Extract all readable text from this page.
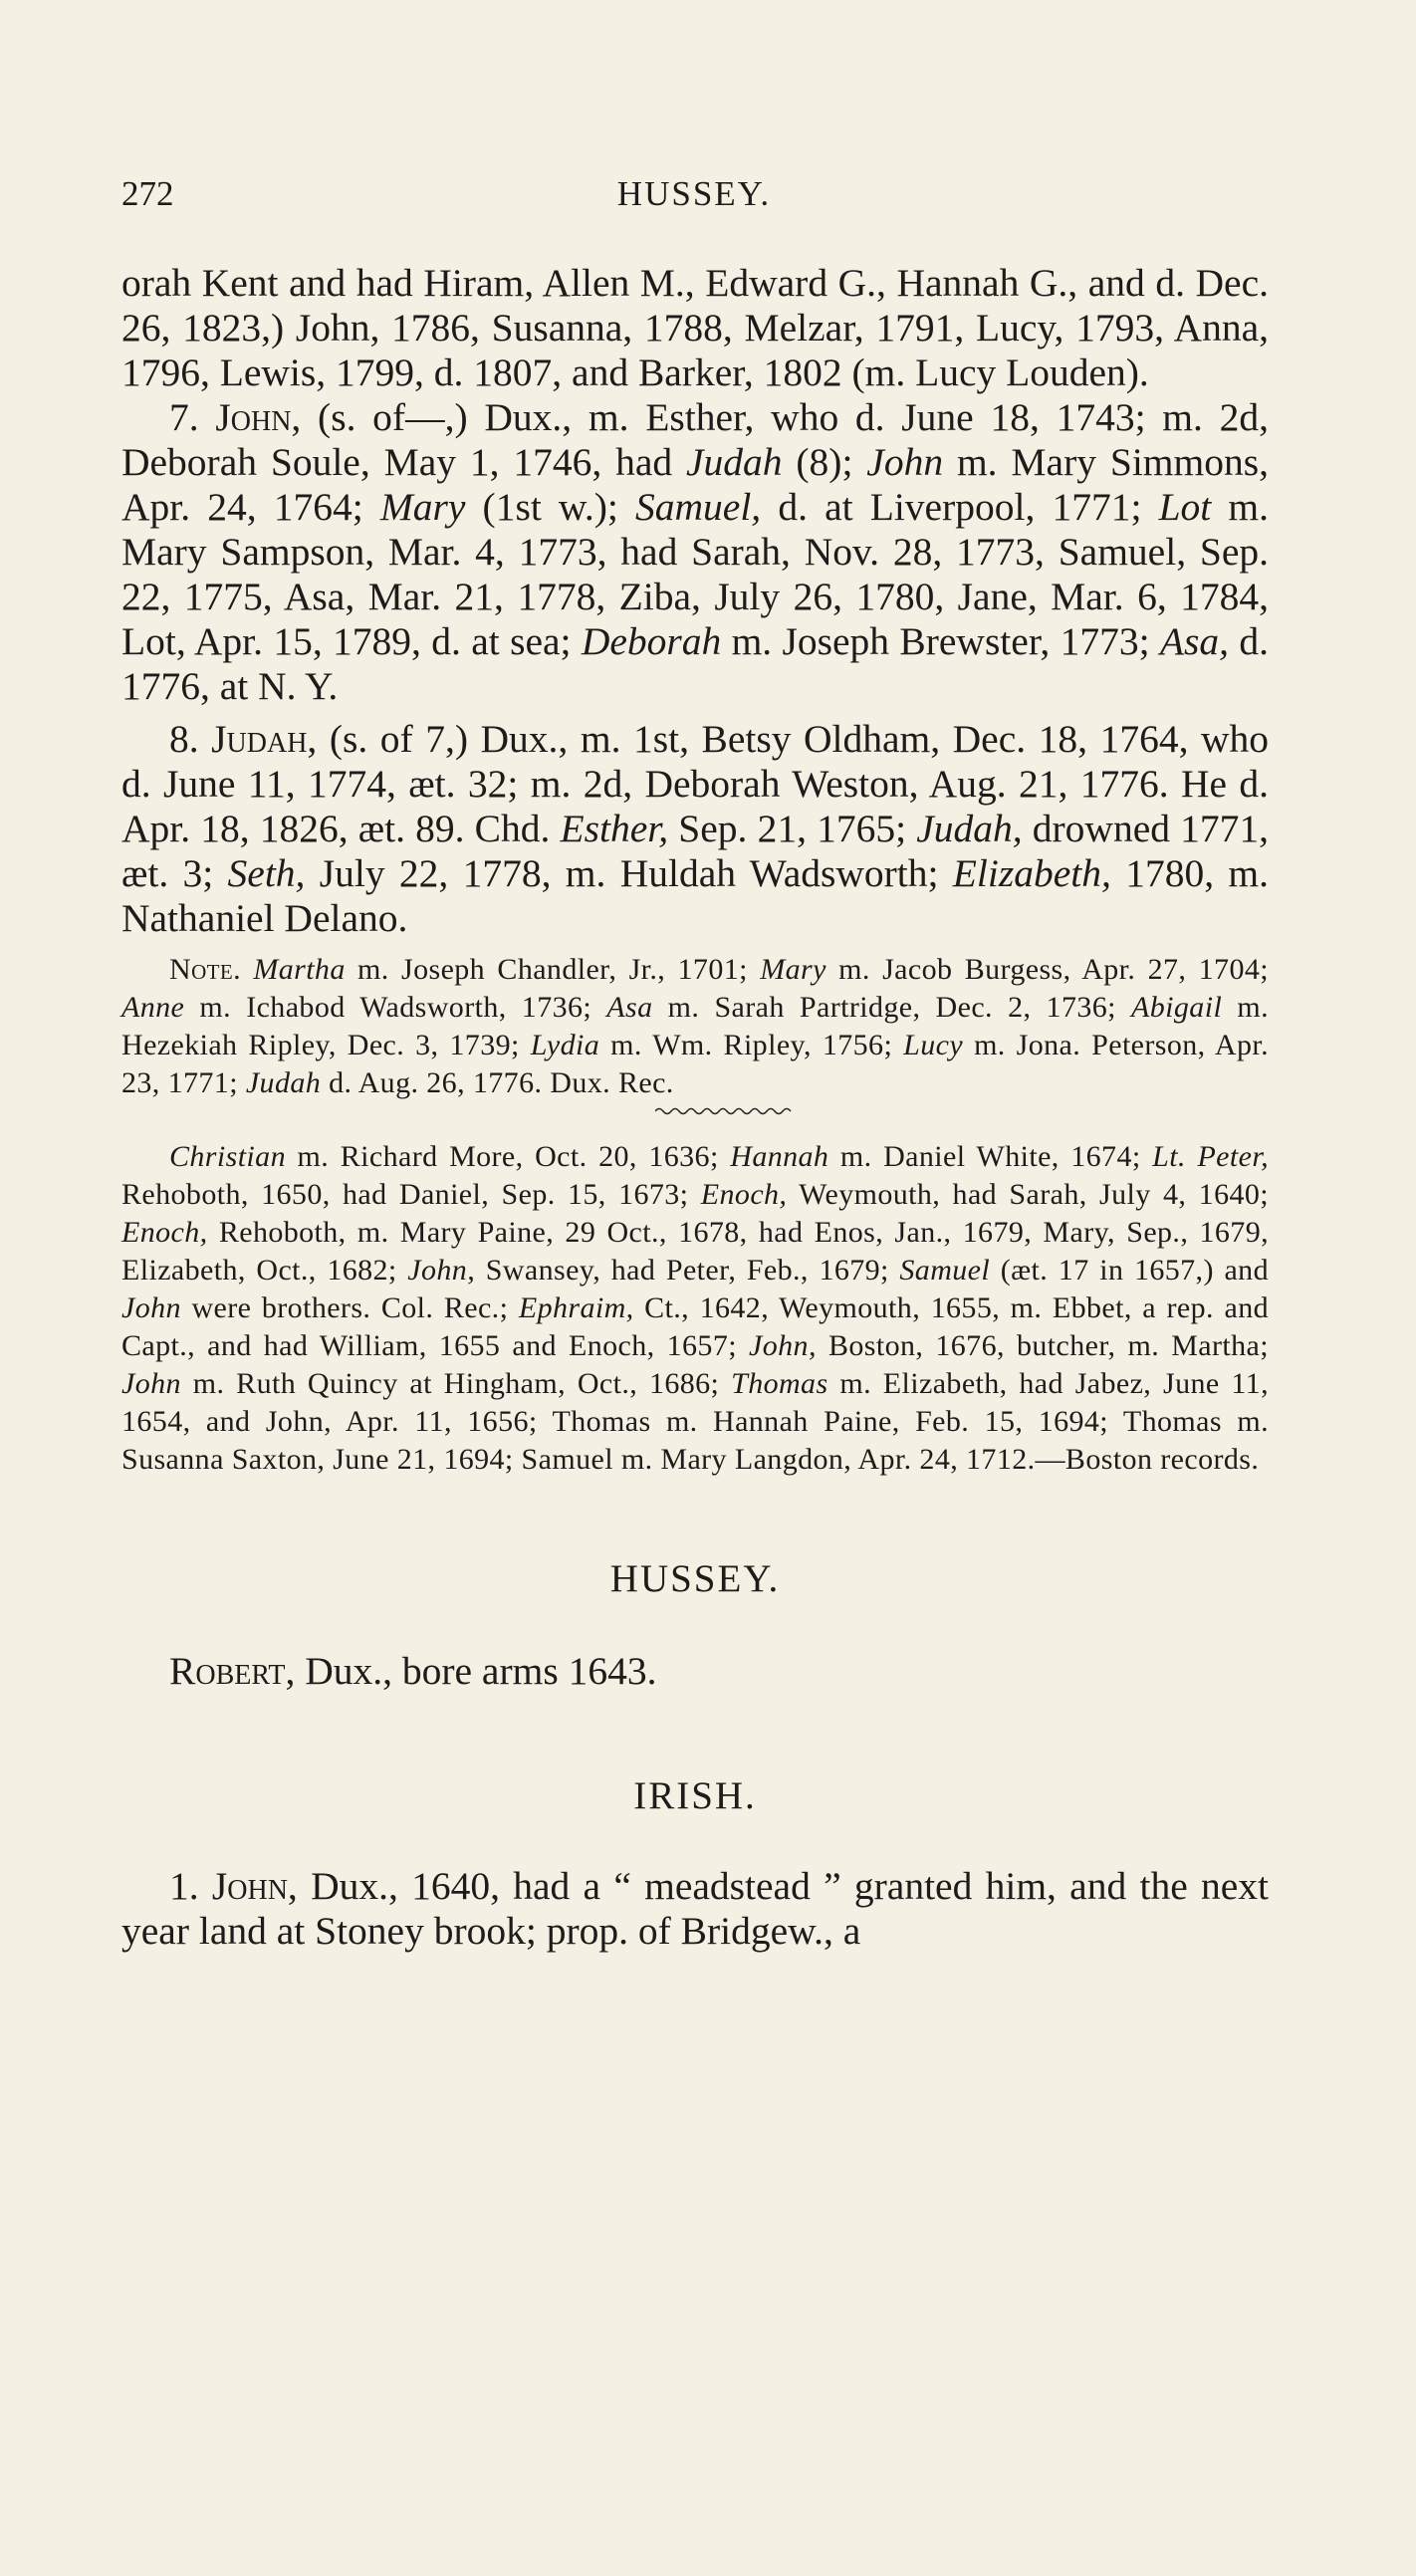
272	HUSSEY.

orah Kent and had Hiram, Allen M., Edward G., Hannah G., and d. Dec. 26, 1823,) John, 1786, Susanna, 1788, Melzar, 1791, Lucy, 1793, Anna, 1796, Lewis, 1799, d. 1807, and Barker, 1802 (m. Lucy Louden).

7. John, (s. of—,) Dux., m. Esther, who d. June 18, 1743; m. 2d, Deborah Soule, May 1, 1746, had Judah (8); John m. Mary Simmons, Apr. 24, 1764; Mary (1st w.); Samuel, d. at Liverpool, 1771; Lot m. Mary Sampson, Mar. 4, 1773, had Sarah, Nov. 28, 1773, Samuel, Sep. 22, 1775, Asa, Mar. 21, 1778, Ziba, July 26, 1780, Jane, Mar. 6, 1784, Lot, Apr. 15, 1789, d. at sea; Deborah m. Joseph Brewster, 1773; Asa, d. 1776, at N. Y.

8. Judah, (s. of 7,) Dux., m. 1st, Betsy Oldham, Dec. 18, 1764, who d. June 11, 1774, æt. 32; m. 2d, Deborah Weston, Aug. 21, 1776. He d. Apr. 18, 1826, æt. 89. Chd. Esther, Sep. 21, 1765; Judah, drowned 1771, æt. 3; Seth, July 22, 1778, m. Huldah Wadsworth; Elizabeth, 1780, m. Nathaniel Delano.

Note. Martha m. Joseph Chandler, Jr., 1701; Mary m. Jacob Burgess, Apr. 27, 1704; Anne m. Ichabod Wadsworth, 1736; Asa m. Sarah Partridge, Dec. 2, 1736; Abigail m. Hezekiah Ripley, Dec. 3, 1739; Lydia m. Wm. Ripley, 1756; Lucy m. Jona. Peterson, Apr. 23, 1771; Judah d. Aug. 26, 1776. Dux. Rec.

Christian m. Richard More, Oct. 20, 1636; Hannah m. Daniel White, 1674; Lt. Peter, Rehoboth, 1650, had Daniel, Sep. 15, 1673; Enoch, Weymouth, had Sarah, July 4, 1640; Enoch, Rehoboth, m. Mary Paine, 29 Oct., 1678, had Enos, Jan., 1679, Mary, Sep., 1679, Elizabeth, Oct., 1682; John, Swansey, had Peter, Feb., 1679; Samuel (æt. 17 in 1657,) and John were brothers. Col. Rec.; Ephraim, Ct., 1642, Weymouth, 1655, m. Ebbet, a rep. and Capt., and had William, 1655 and Enoch, 1657; John, Boston, 1676, butcher, m. Martha; John m. Ruth Quincy at Hingham, Oct., 1686; Thomas m. Elizabeth, had Jabez, June 11, 1654, and John, Apr. 11, 1656; Thomas m. Hannah Paine, Feb. 15, 1694; Thomas m. Susanna Saxton, June 21, 1694; Samuel m. Mary Langdon, Apr. 24, 1712.—Boston records.

HUSSEY.

Robert, Dux., bore arms 1643.

IRISH.

1. John, Dux., 1640, had a “ meadstead ” granted him, and the next year land at Stoney brook; prop. of Bridgew., a
